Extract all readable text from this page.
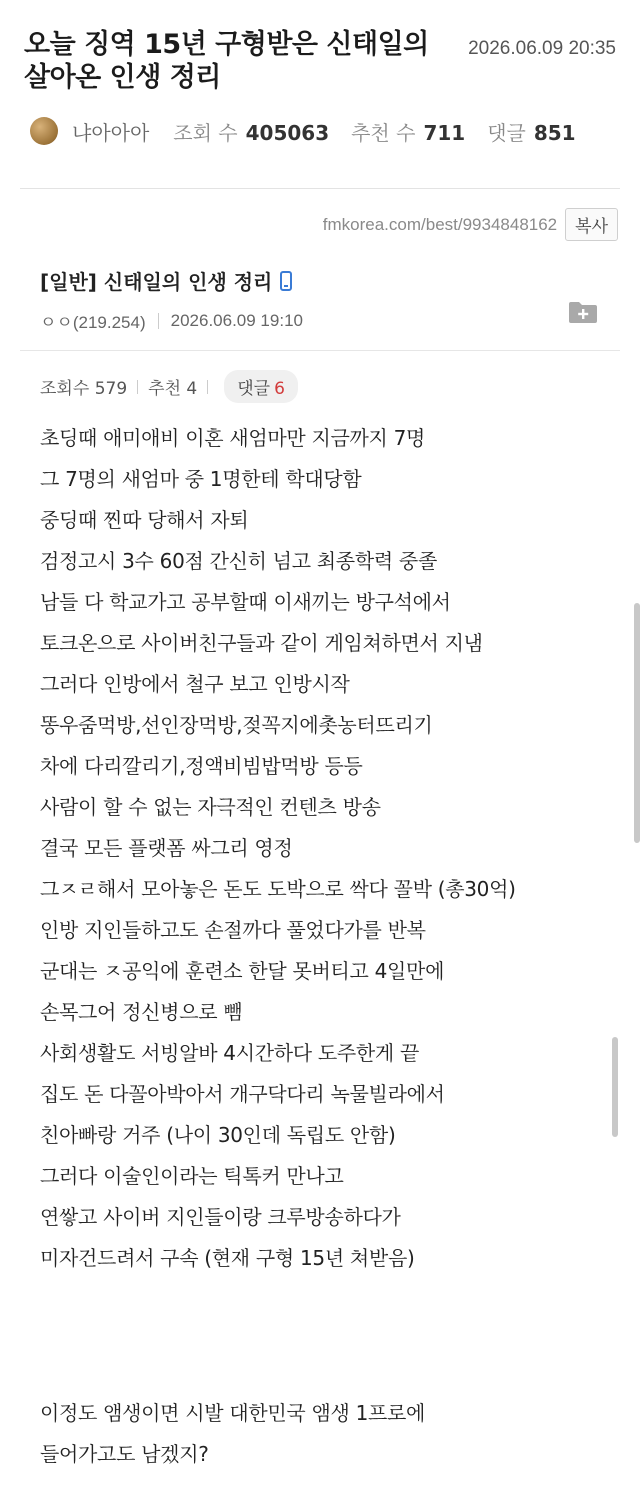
오늘 징역 15년 구형받은 신태일의 살아온 인생 정리
2026.06.09 20:35
냐아아아 조회 수 405063 추천 수 711 댓글 851
fmkorea.com/best/9934848162	복사
[일반] 신태일의 인생 정리
ㅇㅇ(219.254) 2026.06.09 19:10
조회수 579 추천 4	댓글 6
초딩때 애미애비 이혼 새엄마만 지금까지 7명
그 7명의 새엄마 중 1명한테 학대당함
중딩때 찐따 당해서 자퇴
검정고시 3수 60점 간신히 넘고 최종학력 중졸
남들 다 학교가고 공부할때 이새끼는 방구석에서
토크온으로 사이버친구들과 같이 게임쳐하면서 지냄
그러다 인방에서 철구 보고 인방시작
똥우줌먹방,선인장먹방,젖꼭지에촛농터뜨리기
차에 다리깔리기,정액비빔밥먹방 등등
사람이 할 수 없는 자극적인 컨텐츠 방송
결국 모든 플랫폼 싸그리 영정
그ㅈㄹ해서 모아놓은 돈도 도박으로 싹다 꼴박 (총30억)
인방 지인들하고도 손절까다 풀었다가를 반복
군대는 ㅈ공익에 훈련소 한달 못버티고 4일만에
손목그어 정신병으로 뺌
사회생활도 서빙알바 4시간하다 도주한게 끝
집도 돈 다꼴아박아서 개구닥다리 녹물빌라에서
친아빠랑 거주 (나이 30인데 독립도 안함)
그러다 이술인이라는 틱톡커 만나고
연쌓고 사이버 지인들이랑 크루방송하다가
미자건드려서 구속 (현재 구형 15년 쳐받음)
이정도 앰생이면 시발 대한민국 앰생 1프로에
들어가고도 남겠지?
